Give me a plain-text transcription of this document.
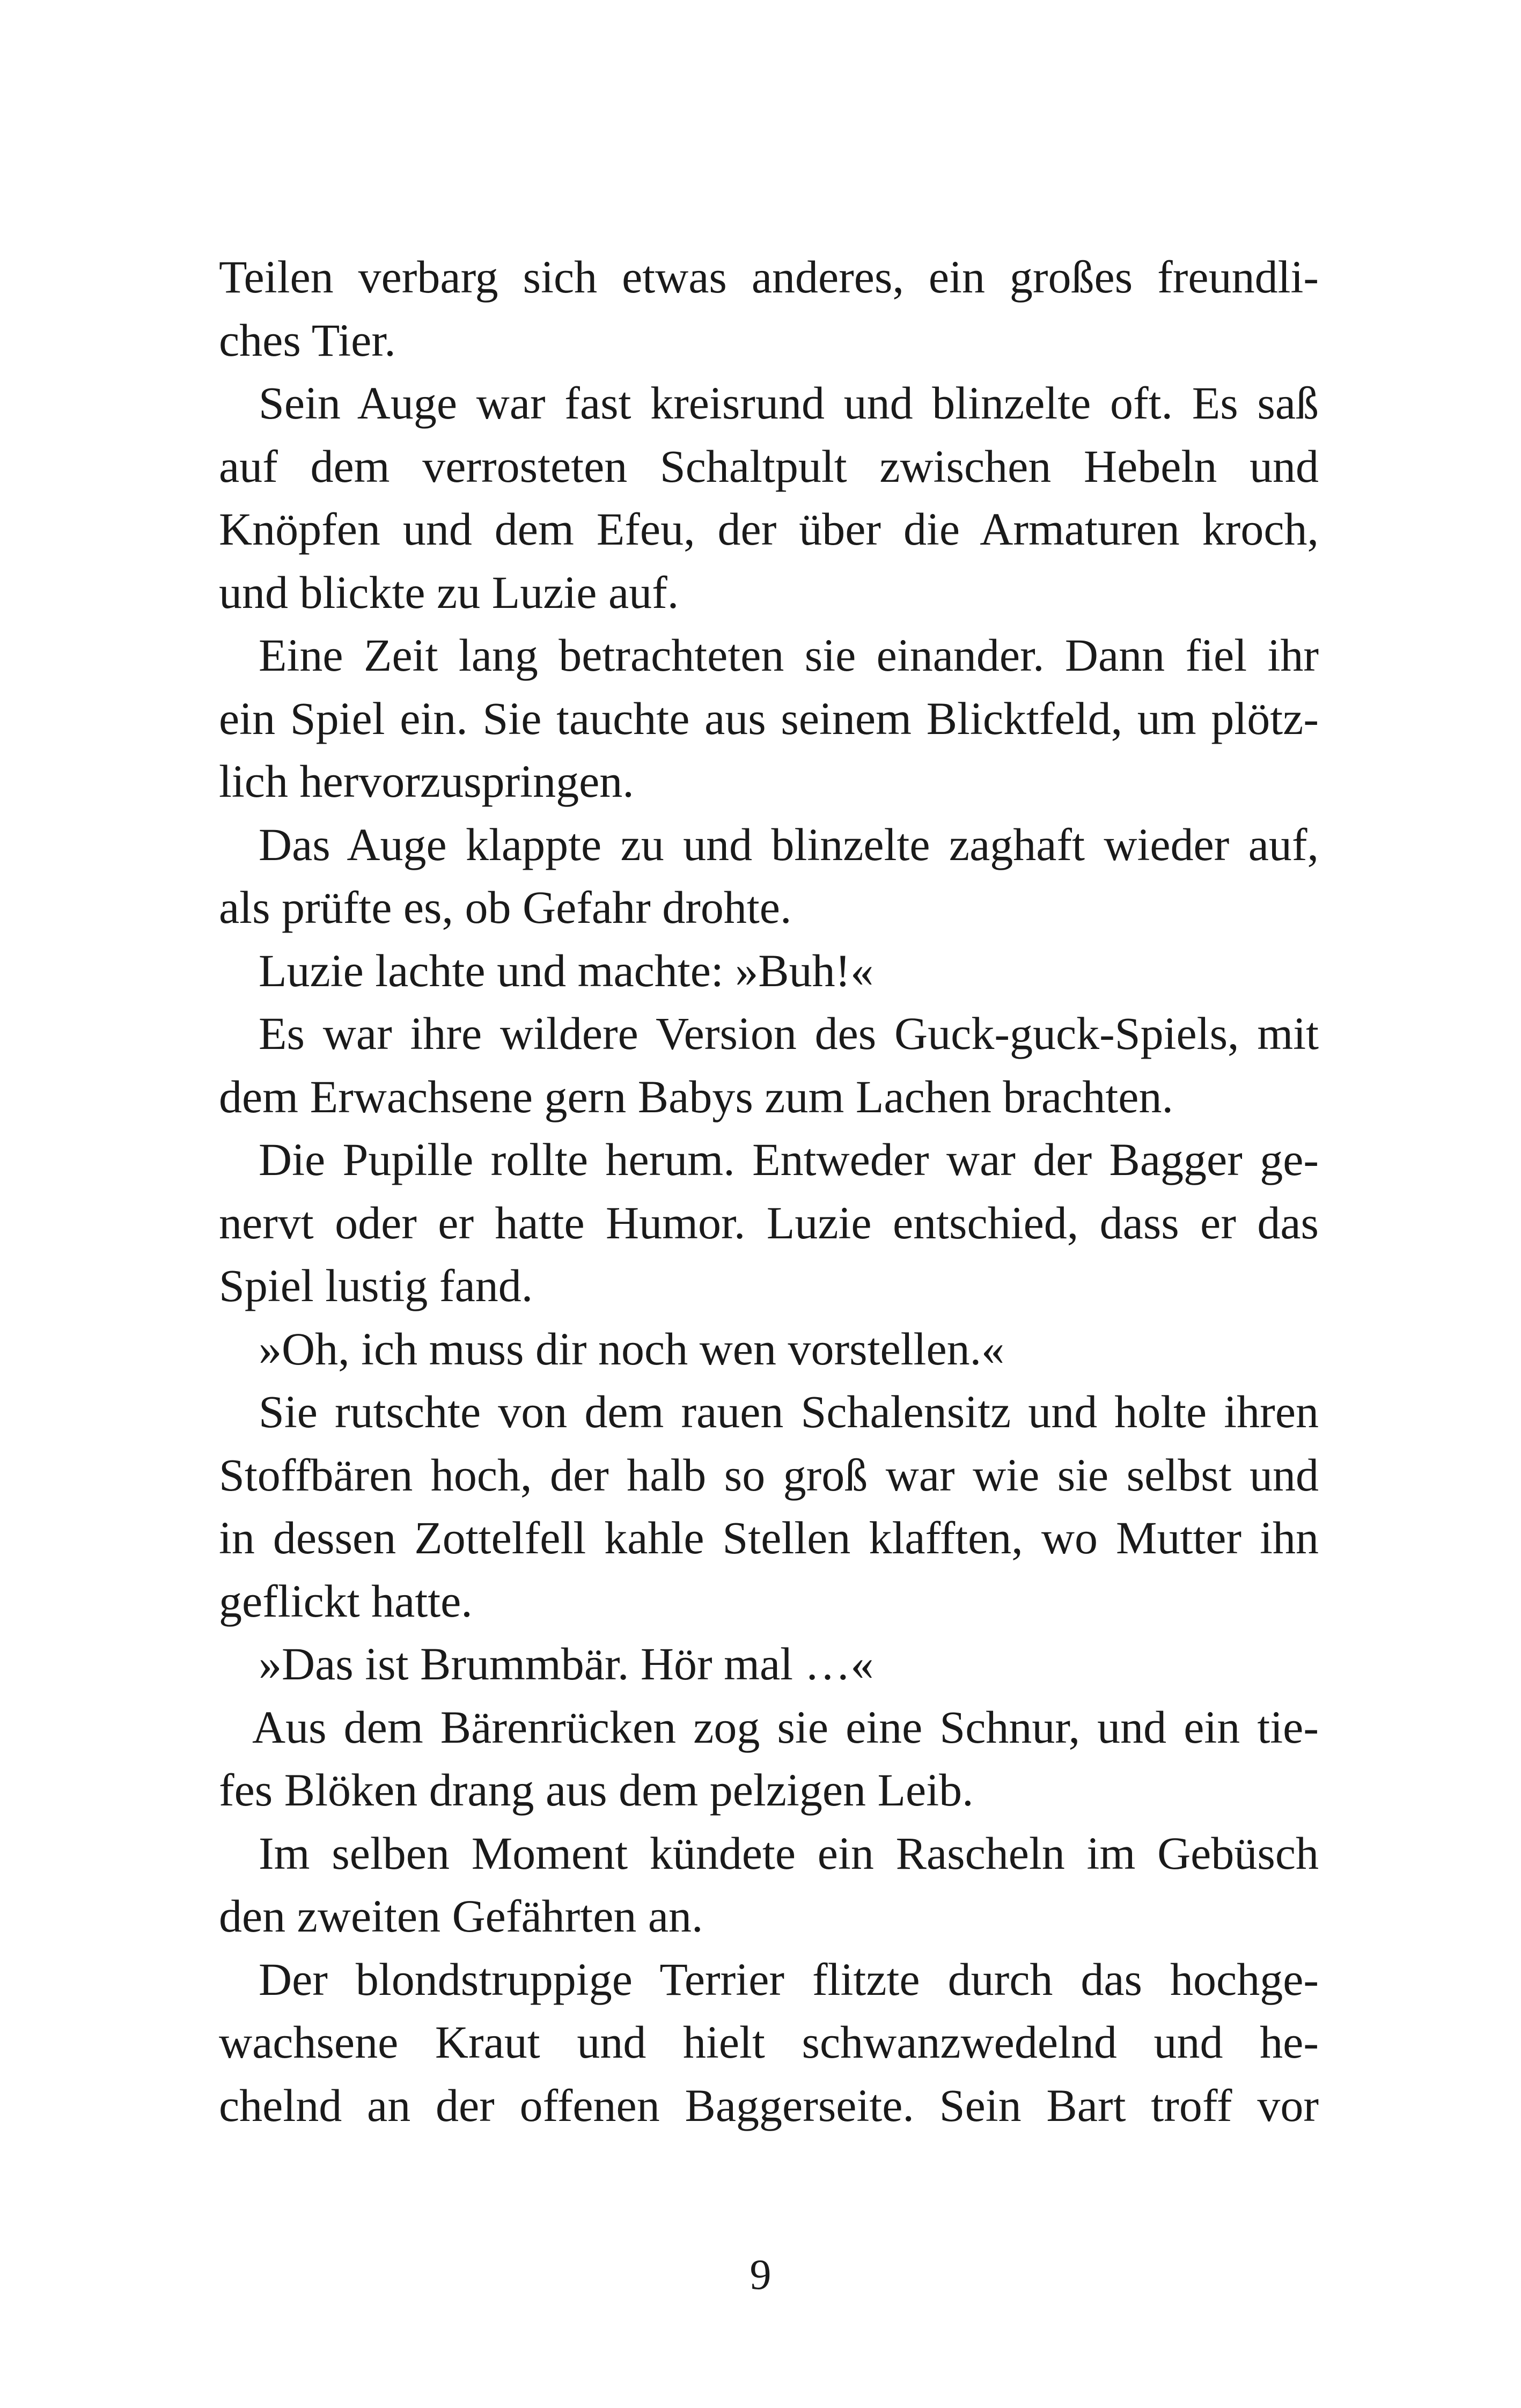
Teilen verbarg sich etwas anderes, ein großes freundli-
ches Tier.
Sein Auge war fast kreisrund und blinzelte oft. Es saß
auf dem verrosteten Schaltpult zwischen Hebeln und
Knöpfen und dem Efeu, der über die Armaturen kroch,
und blickte zu Luzie auf.
Eine Zeit lang betrachteten sie einander. Dann fiel ihr
ein Spiel ein. Sie tauchte aus seinem Blicktfeld, um plötz-
lich hervorzuspringen.
Das Auge klappte zu und blinzelte zaghaft wieder auf,
als prüfte es, ob Gefahr drohte.
Luzie lachte und machte: »Buh!«
Es war ihre wildere Version des Guck-guck-Spiels, mit
dem Erwachsene gern Babys zum Lachen brachten.
Die Pupille rollte herum. Entweder war der Bagger ge-
nervt oder er hatte Humor. Luzie entschied, dass er das
Spiel lustig fand.
»Oh, ich muss dir noch wen vorstellen.«
Sie rutschte von dem rauen Schalensitz und holte ihren
Stoffbären hoch, der halb so groß war wie sie selbst und
in dessen Zottelfell kahle Stellen klafften, wo Mutter ihn
geflickt hatte.
»Das ist Brummbär. Hör mal …«
Aus dem Bärenrücken zog sie eine Schnur, und ein tie-
fes Blöken drang aus dem pelzigen Leib.
Im selben Moment kündete ein Rascheln im Gebüsch
den zweiten Gefährten an.
Der blondstruppige Terrier flitzte durch das hochge-
wachsene Kraut und hielt schwanzwedelnd und he-
chelnd an der offenen Baggerseite. Sein Bart troff vor
9
